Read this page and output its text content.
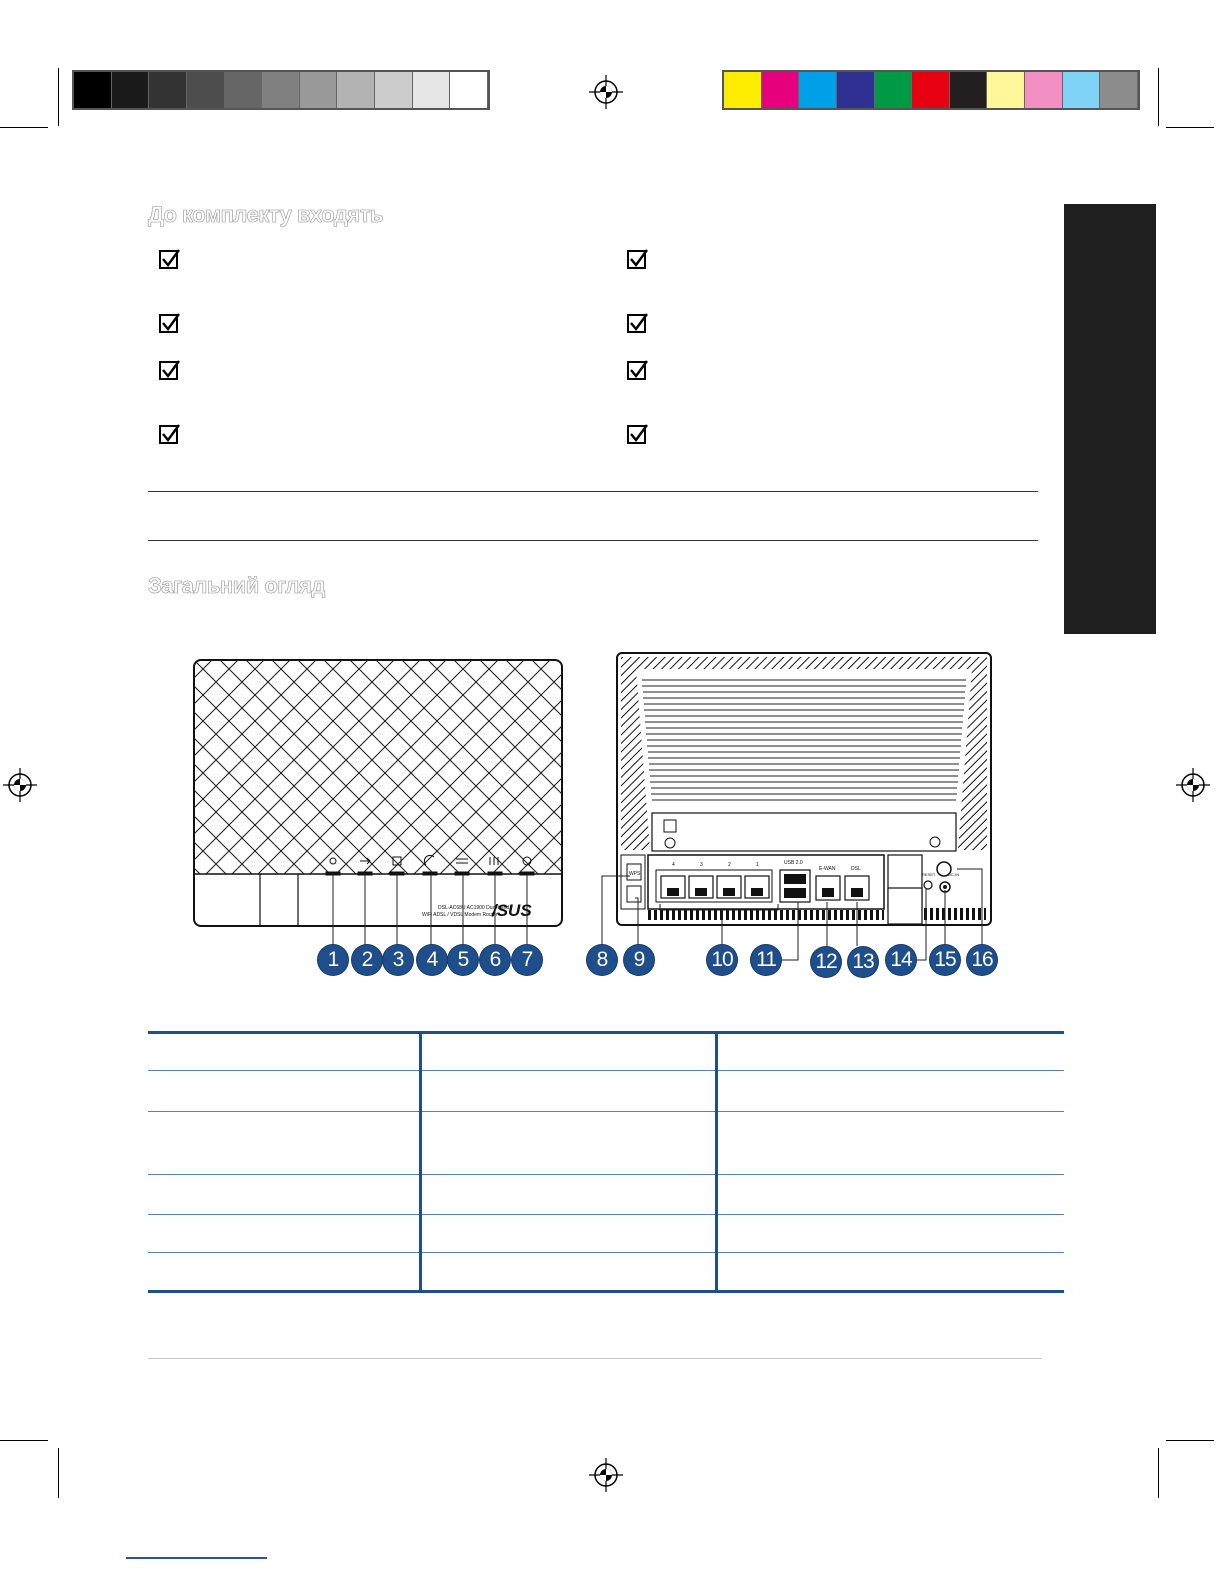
До комплекту входять
Загальний огляд
DSL-AC68U AC1900 Dual-band
WiFi ADSL / VDSL Modem Router
/SUS
WPS
4	3	2	1	USB 2.0
E-WAN	DSL
RESET	DC-IN
1	2 3	4 5	6	7	8	9	10 11 12 13 14 15 16
